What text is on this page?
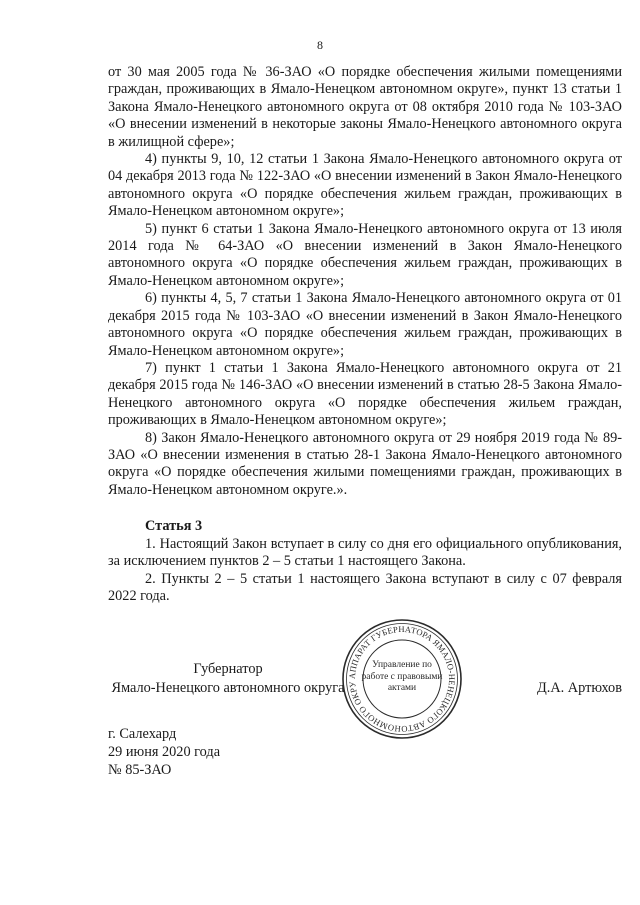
8

от 30 мая 2005 года № 36-ЗАО «О порядке обеспечения жилыми помещениями граждан, проживающих в Ямало-Ненецком автономном округе», пункт 13 статьи 1 Закона Ямало-Ненецкого автономного округа от 08 октября 2010 года № 103-ЗАО «О внесении изменений в некоторые законы Ямало-Ненецкого автономного округа в жилищной сфере»;

4) пункты 9, 10, 12 статьи 1 Закона Ямало-Ненецкого автономного округа от 04 декабря 2013 года № 122-ЗАО «О внесении изменений в Закон Ямало-Ненецкого автономного округа «О порядке обеспечения жильем граждан, проживающих в Ямало-Ненецком автономном округе»;

5) пункт 6 статьи 1 Закона Ямало-Ненецкого автономного округа от 13 июля 2014 года № 64-ЗАО «О внесении изменений в Закон Ямало-Ненецкого автономного округа «О порядке обеспечения жильем граждан, проживающих в Ямало-Ненецком автономном округе»;

6) пункты 4, 5, 7 статьи 1 Закона Ямало-Ненецкого автономного округа от 01 декабря 2015 года № 103-ЗАО «О внесении изменений в Закон Ямало-Ненецкого автономного округа «О порядке обеспечения жильем граждан, проживающих в Ямало-Ненецком автономном округе»;

7) пункт 1 статьи 1 Закона Ямало-Ненецкого автономного округа от 21 декабря 2015 года № 146-ЗАО «О внесении изменений в статью 28-5 Закона Ямало-Ненецкого автономного округа «О порядке обеспечения жильем граждан, проживающих в Ямало-Ненецком автономном округе»;

8) Закон Ямало-Ненецкого автономного округа от 29 ноября 2019 года № 89-ЗАО «О внесении изменения в статью 28-1 Закона Ямало-Ненецкого автономного округа «О порядке обеспечения жилыми помещениями граждан, проживающих в Ямало-Ненецком автономном округе.».

Статья 3

1. Настоящий Закон вступает в силу со дня его официального опубликования, за исключением пунктов 2 – 5 статьи 1 настоящего Закона.

2. Пункты 2 – 5 статьи 1 настоящего Закона вступают в силу с 07 февраля 2022 года.

Губернатор
Ямало-Ненецкого автономного округа
АППАРАТ ГУБЕРНАТОРА ЯМАЛО-НЕНЕЦКОГО АВТОНОМНОГО ОКРУ
Управление по работе с правовыми актами	Д.А. Артюхов
г. Салехард
29 июня 2020 года
№ 85-ЗАО
